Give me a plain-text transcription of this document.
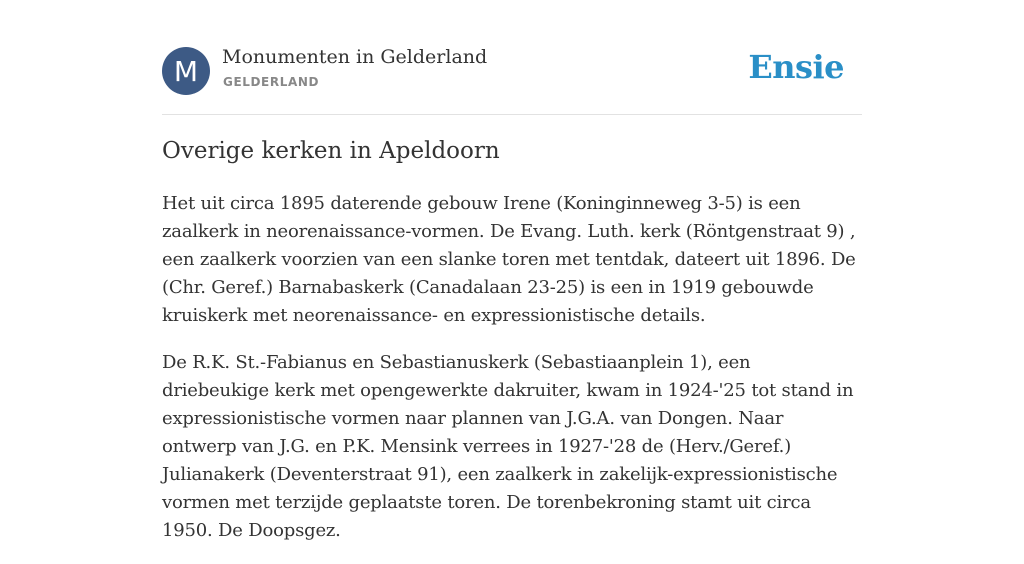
M	Monumenten in Gelderland
GELDERLAND	Ensie
Overige kerken in Apeldoorn

Het uit circa 1895 daterende gebouw Irene (Koninginneweg 3-5) is een zaalkerk in neorenaissance-vormen. De Evang. Luth. kerk (Röntgenstraat 9) , een zaalkerk voorzien van een slanke toren met tentdak, dateert uit 1896. De (Chr. Geref.) Barnabaskerk (Canadalaan 23-25) is een in 1919 gebouwde kruiskerk met neorenaissance- en expressionistische details.

De R.K. St.-Fabianus en Sebastianuskerk (Sebastiaanplein 1), een driebeukige kerk met opengewerkte dakruiter, kwam in 1924-'25 tot stand in expressionistische vormen naar plannen van J.G.A. van Dongen. Naar ontwerp van J.G. en P.K. Mensink verrees in 1927-'28 de (Herv./Geref.) Julianakerk (Deventerstraat 91), een zaalkerk in zakelijk-expressionistische vormen met terzijde geplaatste toren. De torenbekroning stamt uit circa 1950. De Doopsgez.
